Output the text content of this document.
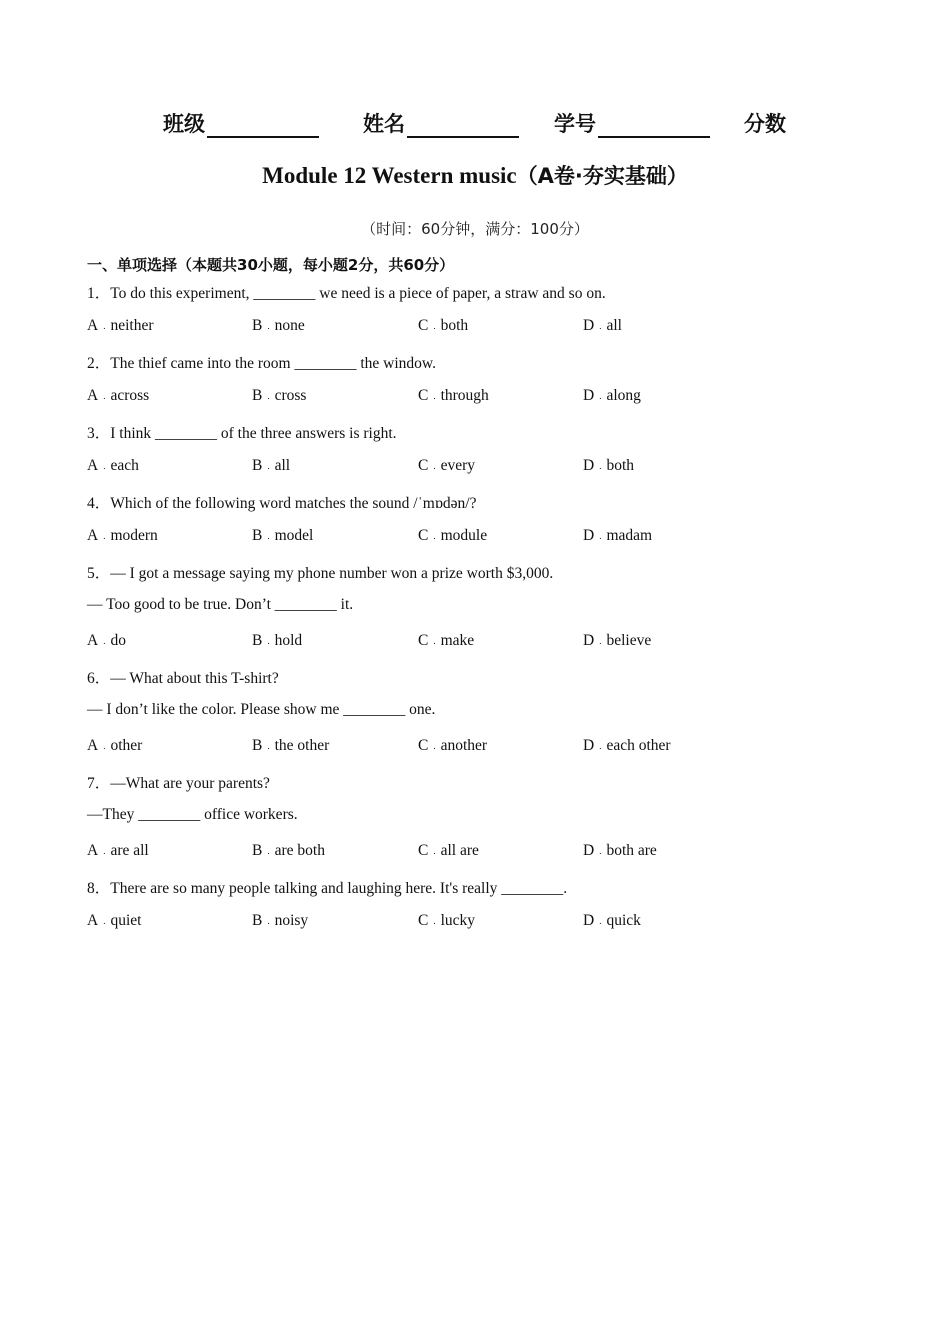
班级	姓名	学号	分数
Module 12 Western music（A卷·夯实基础）
（时间：60分钟，满分：100分）
一、单项选择（本题共30小题，每小题2分，共60分）
1．To do this experiment, ________ we need is a piece of paper, a straw and so on.
A . neither	B . none	C . both	D . all
2．The thief came into the room ________ the window.
A . across	B . cross	C . through	D . along
3．I think ________ of the three answers is right.
A . each	B . all	C . every	D . both
4．Which of the following word matches the sound /ˈmɒdən/?
A . modern	B . model	C . module	D . madam
5．— I got a message saying my phone number won a prize worth $3,000.
— Too good to be true. Don’t ________ it.
A . do	B . hold	C . make	D . believe
6．— What about this T-shirt?
— I don’t like the color. Please show me ________ one.
A . other	B . the other	C . another	D . each other
7．—What are your parents?
—They ________ office workers.
A . are all	B . are both	C . all are	D . both are
8．There are so many people talking and laughing here. It's really ________.
A . quiet	B . noisy	C . lucky	D . quick
